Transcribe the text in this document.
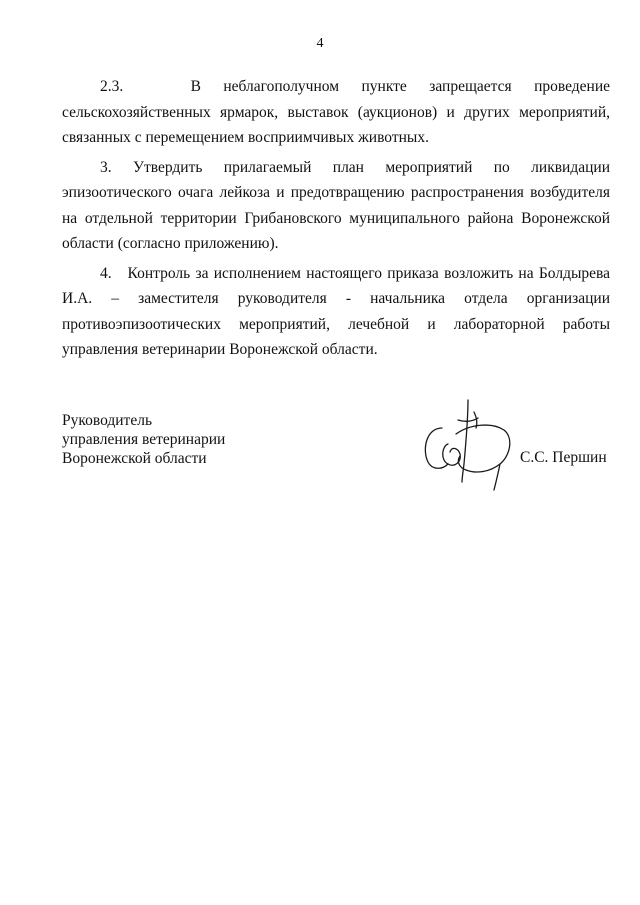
4

2.3.   В неблагополучном пункте запрещается проведение сельскохозяйственных ярмарок, выставок (аукционов) и других мероприятий, связанных с перемещением восприимчивых животных.

3. Утвердить прилагаемый план мероприятий по ликвидации эпизоотического очага лейкоза и предотвращению распространения возбудителя на отдельной территории Грибановского муниципального района Воронежской области (согласно приложению).

4.   Контроль за исполнением настоящего приказа возложить на Болдырева И.А. – заместителя руководителя - начальника отдела организации противоэпизоотических мероприятий, лечебной и лабораторной работы управления ветеринарии Воронежской области.

Руководитель
управления ветеринарии
Воронежской области	С.С. Першин
